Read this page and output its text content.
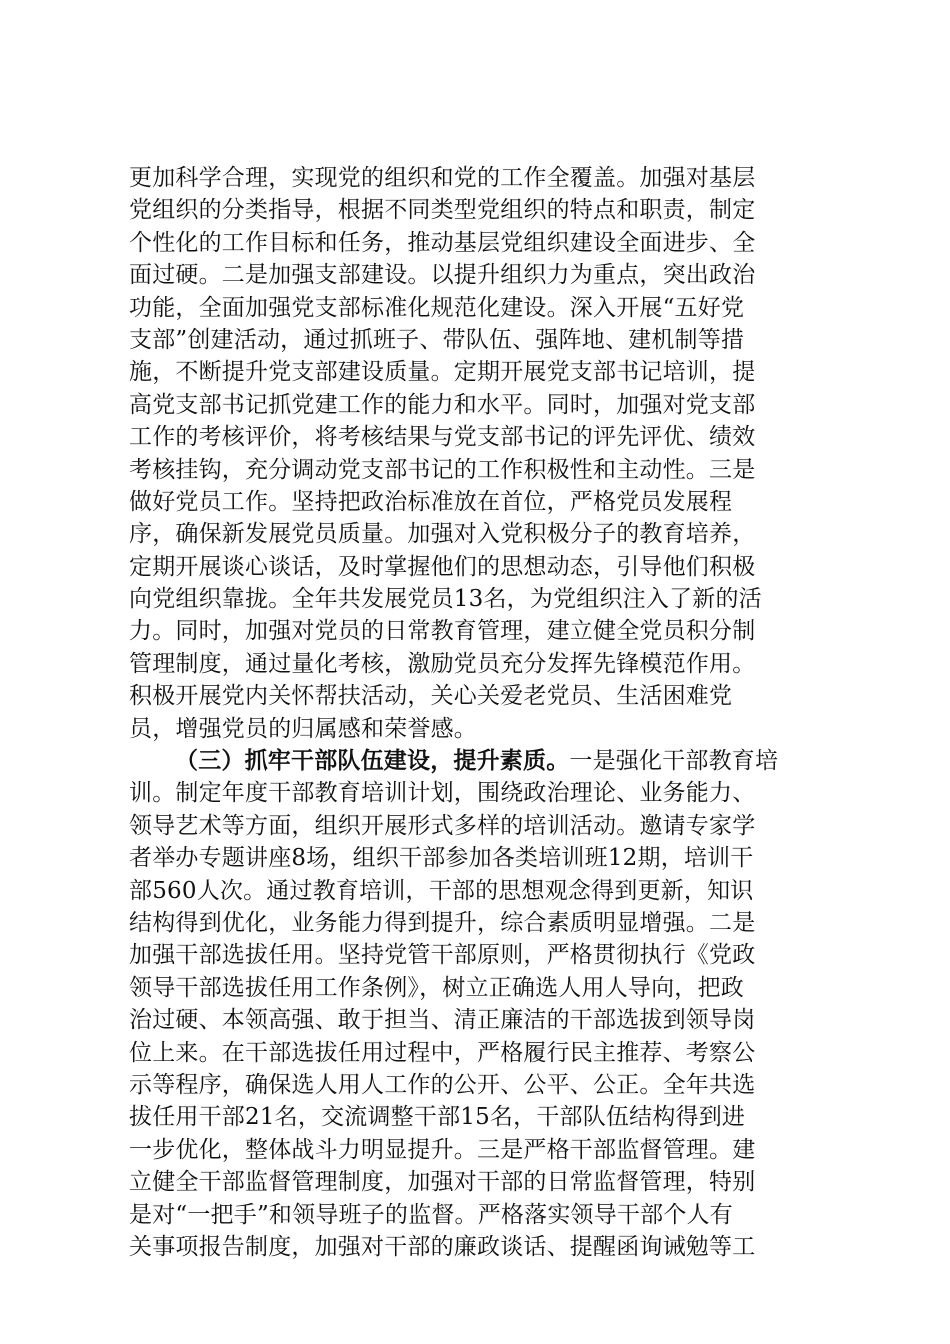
更加科学合理，实现党的组织和党的工作全覆盖。加强对基层
党组织的分类指导，根据不同类型党组织的特点和职责，制定
个性化的工作目标和任务，推动基层党组织建设全面进步、全
面过硬。二是加强支部建设。以提升组织力为重点，突出政治
功能，全面加强党支部标准化规范化建设。深入开展“五好党
支部”创建活动，通过抓班子、带队伍、强阵地、建机制等措
施，不断提升党支部建设质量。定期开展党支部书记培训，提
高党支部书记抓党建工作的能力和水平。同时，加强对党支部
工作的考核评价，将考核结果与党支部书记的评先评优、绩效
考核挂钩，充分调动党支部书记的工作积极性和主动性。三是
做好党员工作。坚持把政治标准放在首位，严格党员发展程
序，确保新发展党员质量。加强对入党积极分子的教育培养，
定期开展谈心谈话，及时掌握他们的思想动态，引导他们积极
向党组织靠拢。全年共发展党员13名，为党组织注入了新的活
力。同时，加强对党员的日常教育管理，建立健全党员积分制
管理制度，通过量化考核，激励党员充分发挥先锋模范作用。
积极开展党内关怀帮扶活动，关心关爱老党员、生活困难党
员，增强党员的归属感和荣誉感。
（三）抓牢干部队伍建设，提升素质。一是强化干部教育培
训。制定年度干部教育培训计划，围绕政治理论、业务能力、
领导艺术等方面，组织开展形式多样的培训活动。邀请专家学
者举办专题讲座8场，组织干部参加各类培训班12期，培训干
部560人次。通过教育培训，干部的思想观念得到更新，知识
结构得到优化，业务能力得到提升，综合素质明显增强。二是
加强干部选拔任用。坚持党管干部原则，严格贯彻执行《党政
领导干部选拔任用工作条例》，树立正确选人用人导向，把政
治过硬、本领高强、敢于担当、清正廉洁的干部选拔到领导岗
位上来。在干部选拔任用过程中，严格履行民主推荐、考察公
示等程序，确保选人用人工作的公开、公平、公正。全年共选
拔任用干部21名，交流调整干部15名，干部队伍结构得到进
一步优化，整体战斗力明显提升。三是严格干部监督管理。建
立健全干部监督管理制度，加强对干部的日常监督管理，特别
是对“一把手”和领导班子的监督。严格落实领导干部个人有
关事项报告制度，加强对干部的廉政谈话、提醒函询诫勉等工
